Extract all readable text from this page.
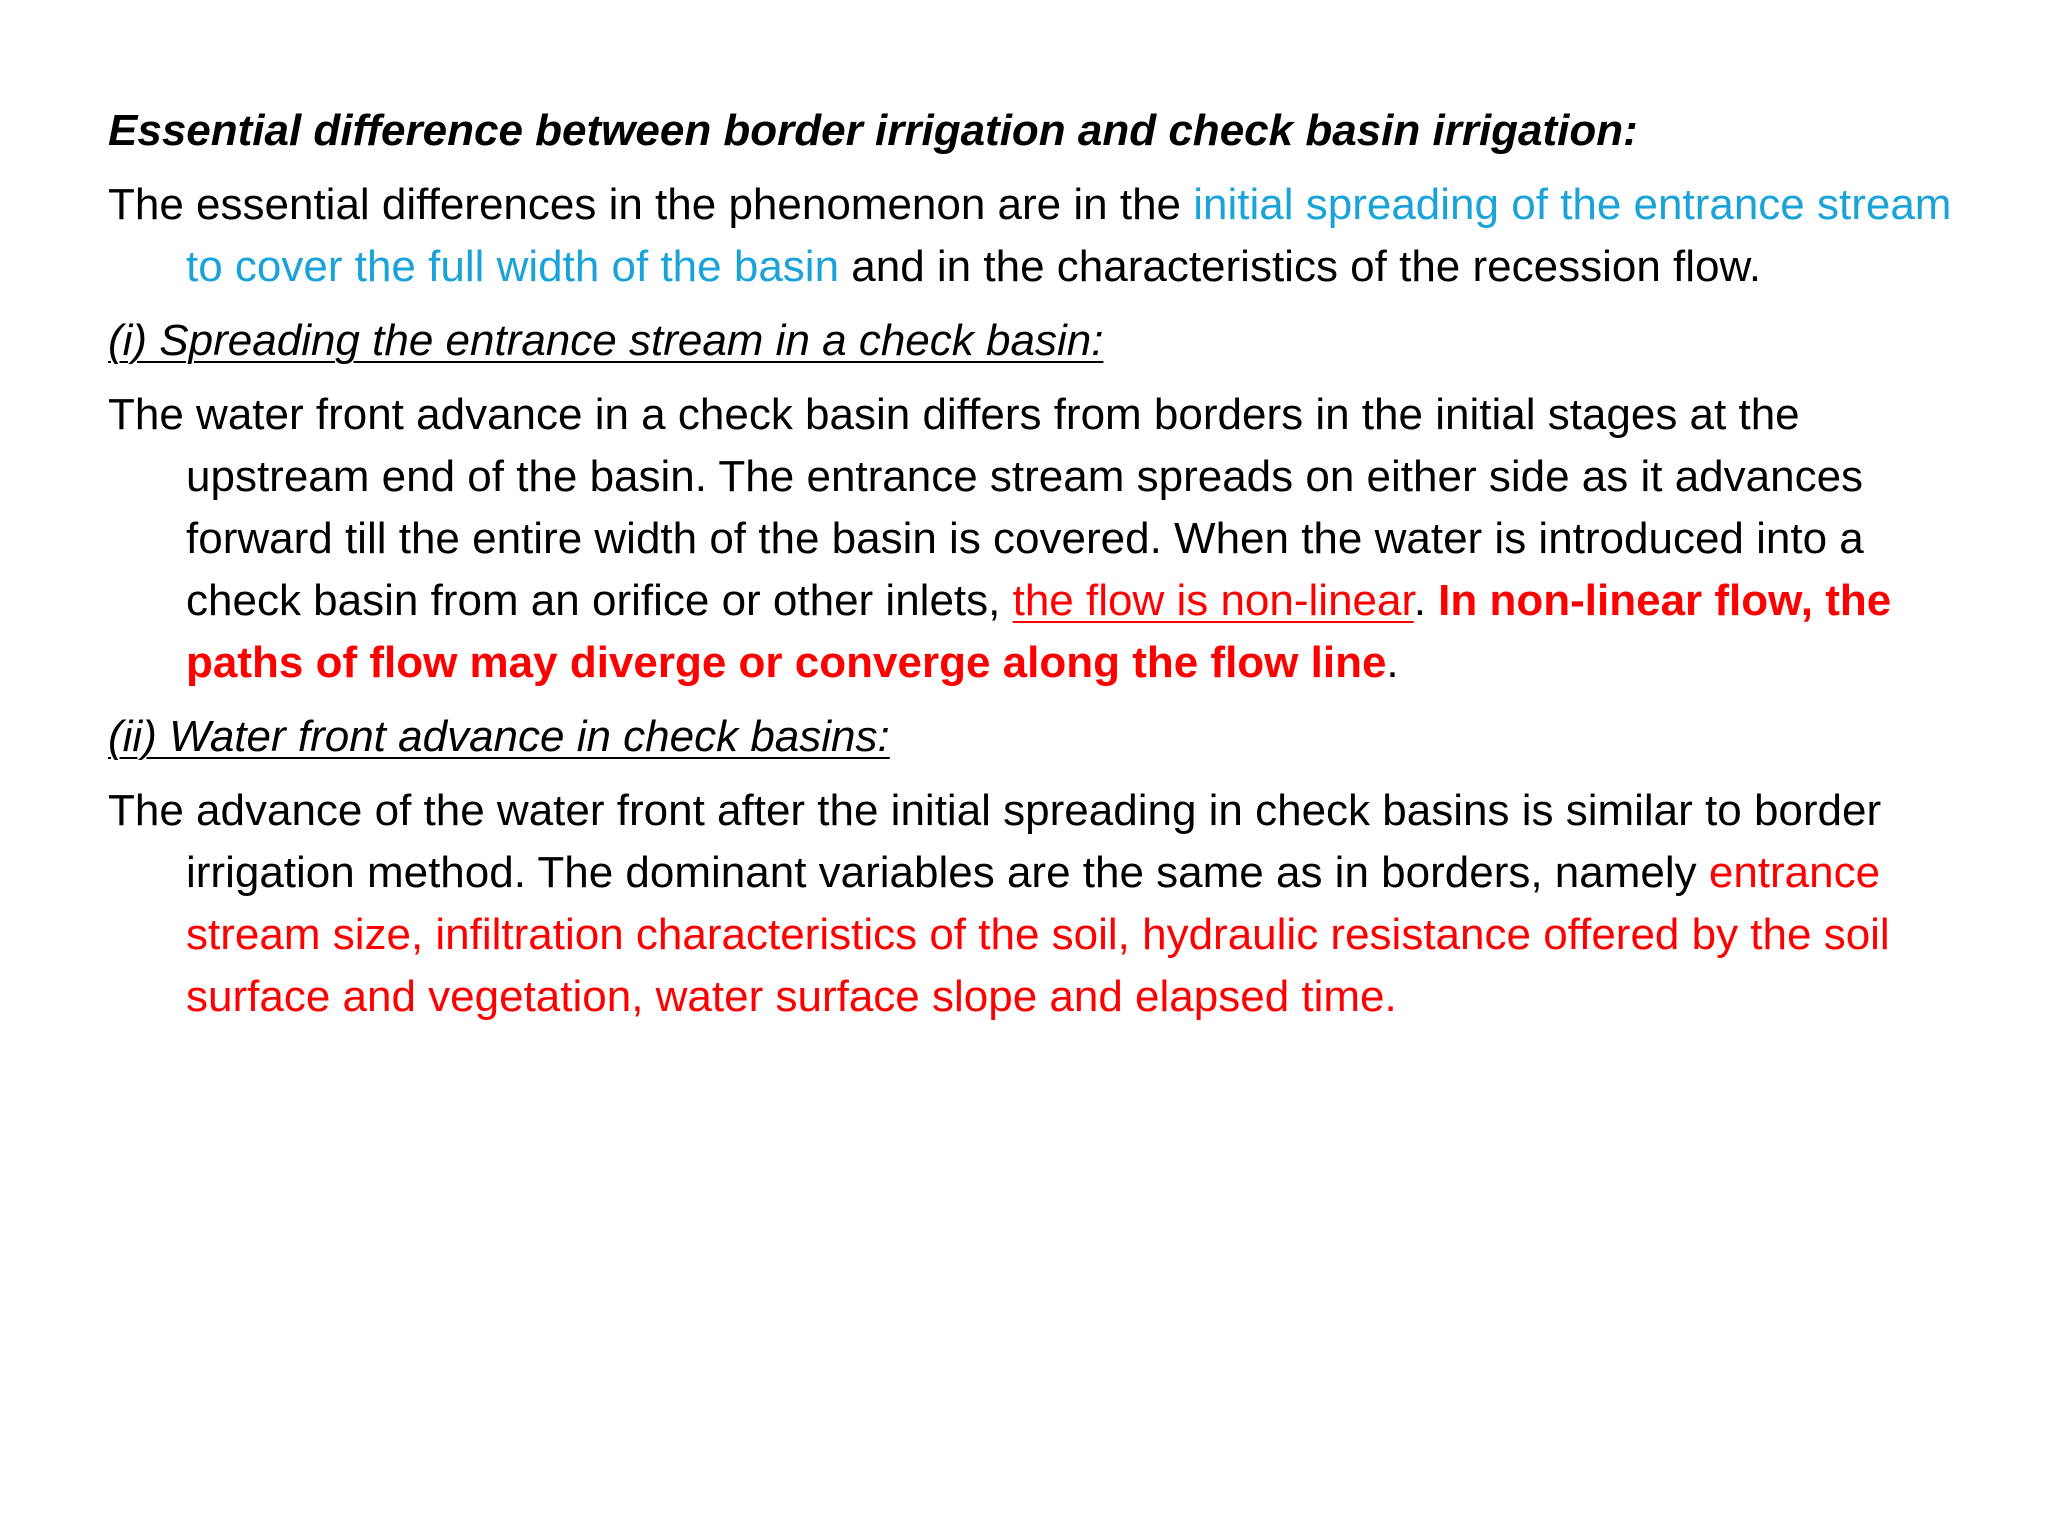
Essential difference between border irrigation and check basin irrigation:

The essential differences in the phenomenon are in the initial spreading of the entrance stream to cover the full width of the basin and in the characteristics of the recession flow.

(i) Spreading the entrance stream in a check basin:

The water front advance in a check basin differs from borders in the initial stages at the upstream end of the basin. The entrance stream spreads on either side as it advances forward till the entire width of the basin is covered. When the water is introduced into a check basin from an orifice or other inlets, the flow is non-linear. In non-linear flow, the paths of flow may diverge or converge along the flow line.

(ii) Water front advance in check basins:

The advance of the water front after the initial spreading in check basins is similar to border irrigation method. The dominant variables are the same as in borders, namely entrance stream size, infiltration characteristics of the soil, hydraulic resistance offered by the soil surface and vegetation, water surface slope and elapsed time.
